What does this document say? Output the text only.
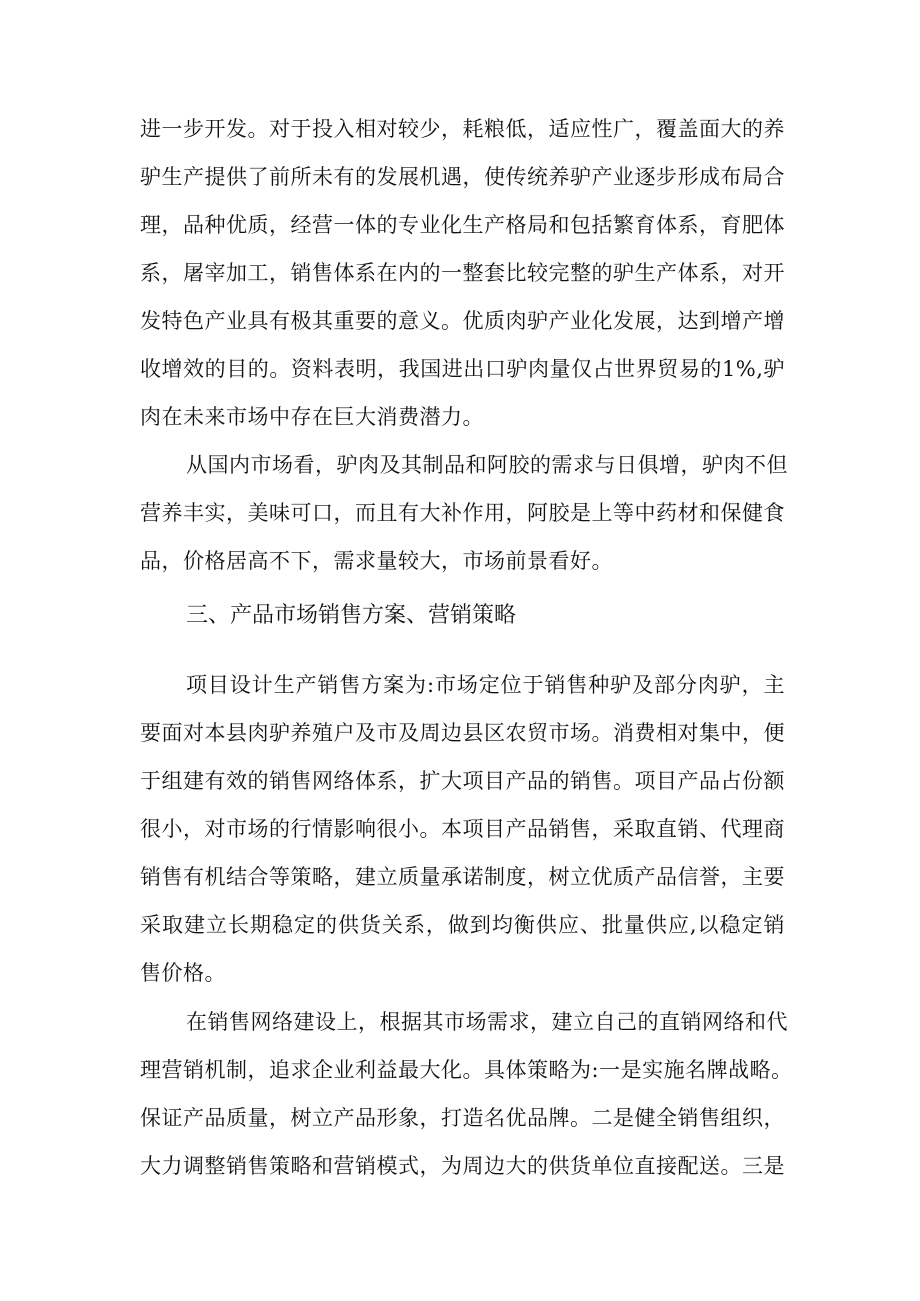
进一步开发。对于投入相对较少，耗粮低，适应性广，覆盖面大的养
驴生产提供了前所未有的发展机遇，使传统养驴产业逐步形成布局合
理，品种优质，经营一体的专业化生产格局和包括繁育体系，育肥体
系，屠宰加工，销售体系在内的一整套比较完整的驴生产体系，对开
发特色产业具有极其重要的意义。优质肉驴产业化发展，达到增产增
收增效的目的。资料表明，我国进出口驴肉量仅占世界贸易的1%,驴
肉在未来市场中存在巨大消费潜力。
从国内市场看，驴肉及其制品和阿胶的需求与日俱增，驴肉不但
营养丰实，美味可口，而且有大补作用，阿胶是上等中药材和保健食
品，价格居高不下，需求量较大，市场前景看好。
三、产品市场销售方案、营销策略
项目设计生产销售方案为:市场定位于销售种驴及部分肉驴，主
要面对本县肉驴养殖户及市及周边县区农贸市场。消费相对集中，便
于组建有效的销售网络体系，扩大项目产品的销售。项目产品占份额
很小，对市场的行情影响很小。本项目产品销售，采取直销、代理商
销售有机结合等策略，建立质量承诺制度，树立优质产品信誉，主要
采取建立长期稳定的供货关系，做到均衡供应、批量供应,以稳定销
售价格。
在销售网络建设上，根据其市场需求，建立自己的直销网络和代
理营销机制，追求企业利益最大化。具体策略为:一是实施名牌战略。
保证产品质量，树立产品形象，打造名优品牌。二是健全销售组织，
大力调整销售策略和营销模式，为周边大的供货单位直接配送。三是
